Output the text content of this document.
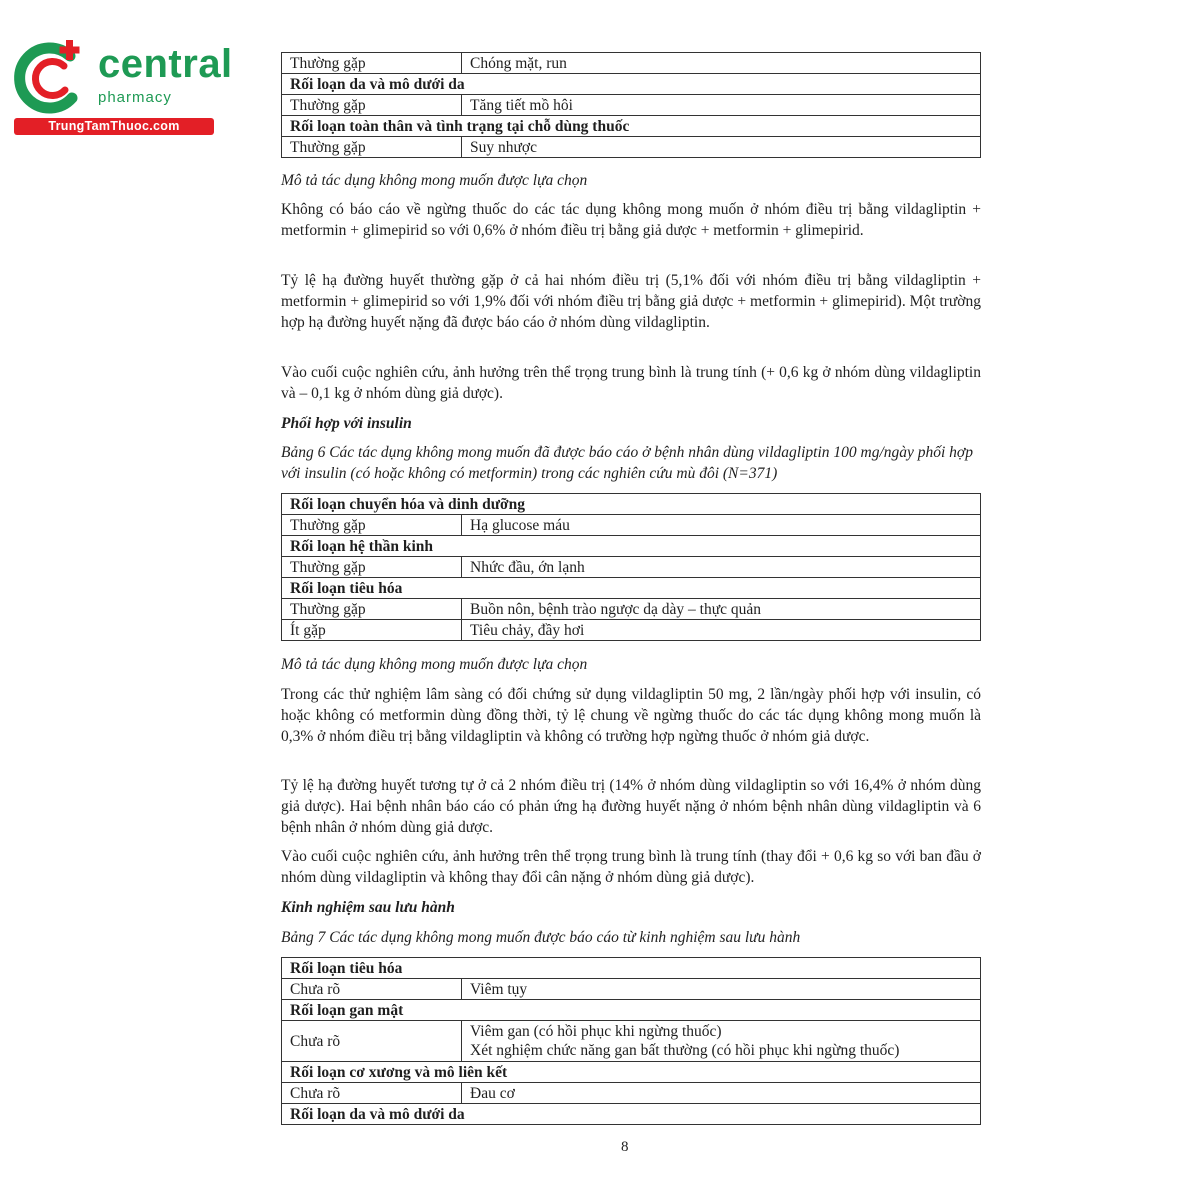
central
pharmacy
TrungTamThuoc.com
Thường gặp	Chóng mặt, run
Rối loạn da và mô dưới da	
Thường gặp	Tăng tiết mồ hôi
Rối loạn toàn thân và tình trạng tại chỗ dùng thuốc	
Thường gặp	Suy nhược

Mô tả tác dụng không mong muốn được lựa chọn

Không có báo cáo về ngừng thuốc do các tác dụng không mong muốn ở nhóm điều trị bằng vildagliptin + metformin + glimepirid so với 0,6% ở nhóm điều trị bằng giả dược + metformin + glimepirid.

Tỷ lệ hạ đường huyết thường gặp ở cả hai nhóm điều trị (5,1% đối với nhóm điều trị bằng vildagliptin + metformin + glimepirid so với 1,9% đối với nhóm điều trị bằng giả dược + metformin + glimepirid). Một trường hợp hạ đường huyết nặng đã được báo cáo ở nhóm dùng vildagliptin.

Vào cuối cuộc nghiên cứu, ảnh hưởng trên thể trọng trung bình là trung tính (+ 0,6 kg ở nhóm dùng vildagliptin và – 0,1 kg ở nhóm dùng giả dược).

Phối hợp với insulin

Bảng 6 Các tác dụng không mong muốn đã được báo cáo ở bệnh nhân dùng vildagliptin 100 mg/ngày phối hợp với insulin (có hoặc không có metformin) trong các nghiên cứu mù đôi (N=371)

Rối loạn chuyển hóa và dinh dưỡng	
Thường gặp	Hạ glucose máu
Rối loạn hệ thần kinh	
Thường gặp	Nhức đầu, ớn lạnh
Rối loạn tiêu hóa	
Thường gặp	Buồn nôn, bệnh trào ngược dạ dày – thực quản
Ít gặp	Tiêu chảy, đầy hơi

Mô tả tác dụng không mong muốn được lựa chọn

Trong các thử nghiệm lâm sàng có đối chứng sử dụng vildagliptin 50 mg, 2 lần/ngày phối hợp với insulin, có hoặc không có metformin dùng đồng thời, tỷ lệ chung về ngừng thuốc do các tác dụng không mong muốn là 0,3% ở nhóm điều trị bằng vildagliptin và không có trường hợp ngừng thuốc ở nhóm giả dược.

Tỷ lệ hạ đường huyết tương tự ở cả 2 nhóm điều trị (14% ở nhóm dùng vildagliptin so với 16,4% ở nhóm dùng giả dược). Hai bệnh nhân báo cáo có phản ứng hạ đường huyết nặng ở nhóm bệnh nhân dùng vildagliptin và 6 bệnh nhân ở nhóm dùng giả dược.

Vào cuối cuộc nghiên cứu, ảnh hưởng trên thể trọng trung bình là trung tính (thay đổi + 0,6 kg so với ban đầu ở nhóm dùng vildagliptin và không thay đổi cân nặng ở nhóm dùng giả dược).

Kinh nghiệm sau lưu hành

Bảng 7 Các tác dụng không mong muốn được báo cáo từ kinh nghiệm sau lưu hành

Rối loạn tiêu hóa	
Chưa rõ	Viêm tụy
Rối loạn gan mật	
Chưa rõ	Viêm gan (có hồi phục khi ngừng thuốc)
Xét nghiệm chức năng gan bất thường (có hồi phục khi ngừng thuốc)

Rối loạn cơ xương và mô liên kết	
Chưa rõ	Đau cơ
Rối loạn da và mô dưới da	
8
